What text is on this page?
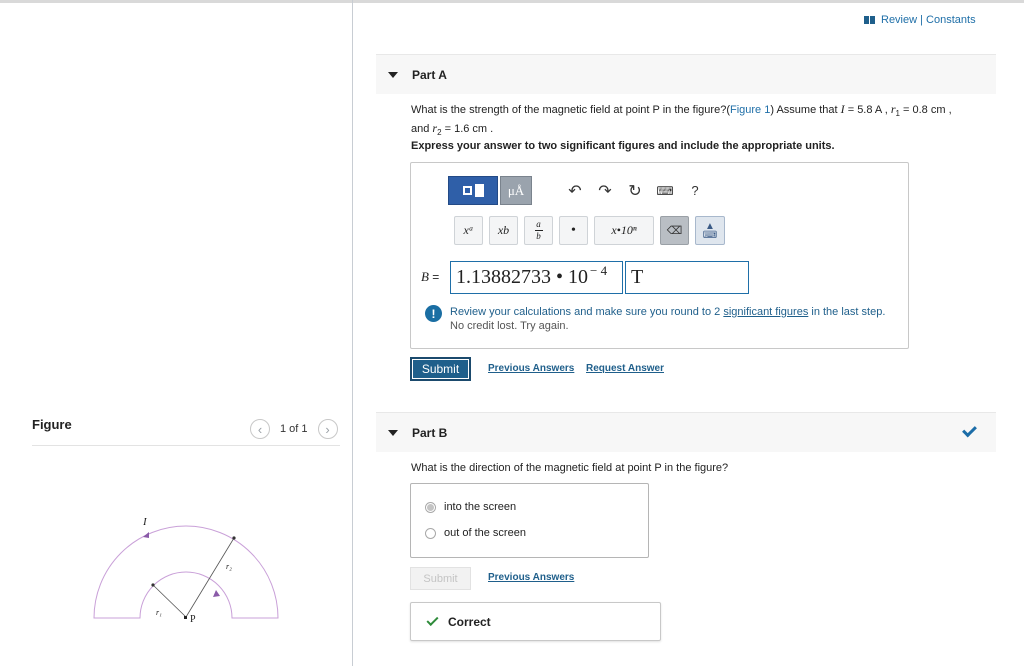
Figure	‹ 1 of 1 ›
I
r₂
r₁
P
Review | Constants
Part A
What is the strength of the magnetic field at point P in the figure?(Figure 1) Assume that I = 5.8 A , $r_1 = 0.8$ cm ,
and $r_2 = 1.6$ cm .
Express your answer to two significant figures and include the appropriate units.
μÅ	↶	↷	↻	⌨	?
xᵃ	xb	$\frac{a}{b}$	•	x•10ⁿ	⌫	▲
⌨
B = 1.13882733 • $10^{- 4}$ T
!	Review your calculations and make sure you round to 2 significant figures in the last step.
No credit lost. Try again.
Submit	Previous Answers Request Answer
Part B
What is the direction of the magnetic field at point P in the figure?
into the screen
out of the screen
Submit	Previous Answers
Correct
